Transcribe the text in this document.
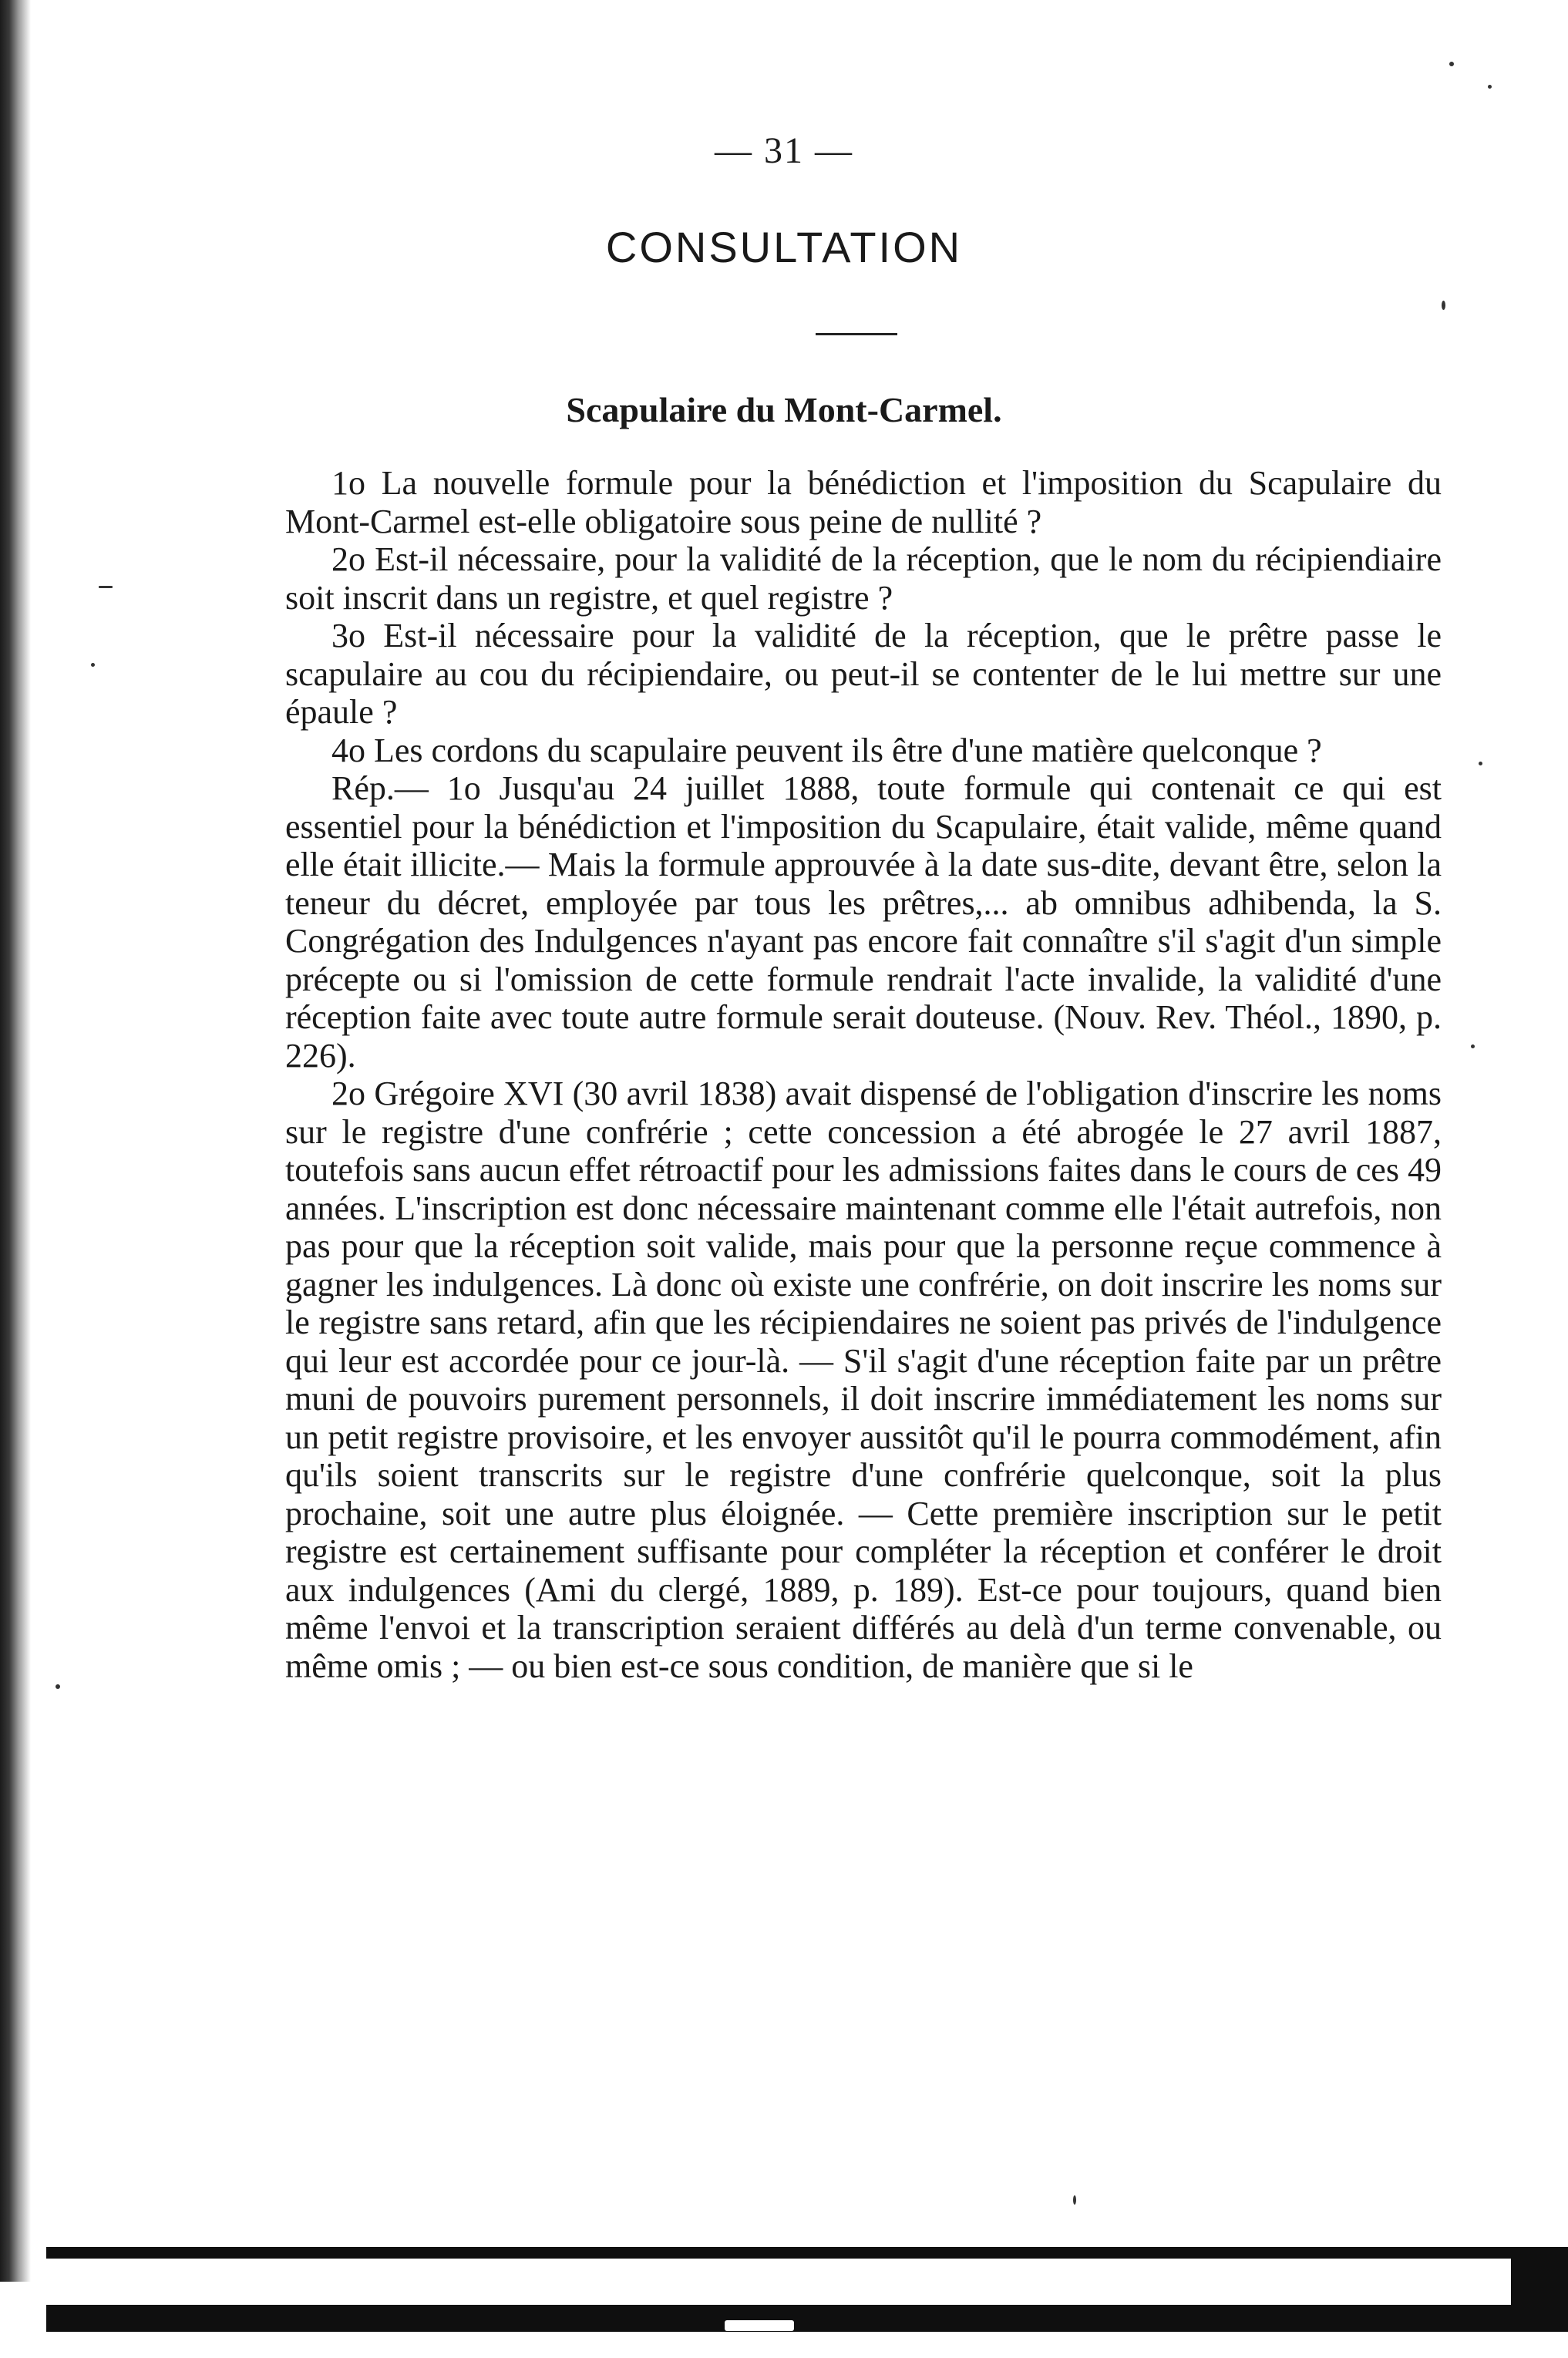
— 31 —
CONSULTATION
Scapulaire du Mont-Carmel.

1o La nouvelle formule pour la bénédiction et l'imposition du Scapulaire du Mont-Carmel est-elle obligatoire sous peine de nullité ?

2o Est-il nécessaire, pour la validité de la réception, que le nom du récipiendiaire soit inscrit dans un registre, et quel registre ?

3o Est-il nécessaire pour la validité de la réception, que le prêtre passe le scapulaire au cou du récipiendaire, ou peut-il se contenter de le lui mettre sur une épaule ?

4o Les cordons du scapulaire peuvent ils être d'une matière quelconque ?

Rép.— 1o Jusqu'au 24 juillet 1888, toute formule qui contenait ce qui est essentiel pour la bénédiction et l'imposition du Scapulaire, était valide, même quand elle était illicite.— Mais la formule approuvée à la date sus-dite, devant être, selon la teneur du décret, employée par tous les prêtres,... ab omnibus adhibenda, la S. Congrégation des Indulgences n'ayant pas encore fait connaître s'il s'agit d'un simple précepte ou si l'omission de cette formule rendrait l'acte invalide, la validité d'une réception faite avec toute autre formule serait douteuse. (Nouv. Rev. Théol., 1890, p. 226).

2o Grégoire XVI (30 avril 1838) avait dispensé de l'obligation d'inscrire les noms sur le registre d'une confrérie ; cette concession a été abrogée le 27 avril 1887, toutefois sans aucun effet rétroactif pour les admissions faites dans le cours de ces 49 années. L'inscription est donc nécessaire maintenant comme elle l'était autrefois, non pas pour que la réception soit valide, mais pour que la personne reçue commence à gagner les indulgences. Là donc où existe une confrérie, on doit inscrire les noms sur le registre sans retard, afin que les récipiendaires ne soient pas privés de l'indulgence qui leur est accordée pour ce jour-là. — S'il s'agit d'une réception faite par un prêtre muni de pouvoirs purement personnels, il doit inscrire immédiatement les noms sur un petit registre provisoire, et les envoyer aussitôt qu'il le pourra commodément, afin qu'ils soient transcrits sur le registre d'une confrérie quelconque, soit la plus prochaine, soit une autre plus éloignée. — Cette première inscription sur le petit registre est certainement suffisante pour compléter la réception et conférer le droit aux indulgences (Ami du clergé, 1889, p. 189). Est-ce pour toujours, quand bien même l'envoi et la transcription seraient différés au delà d'un terme convenable, ou même omis ; — ou bien est-ce sous condition, de manière que si le
